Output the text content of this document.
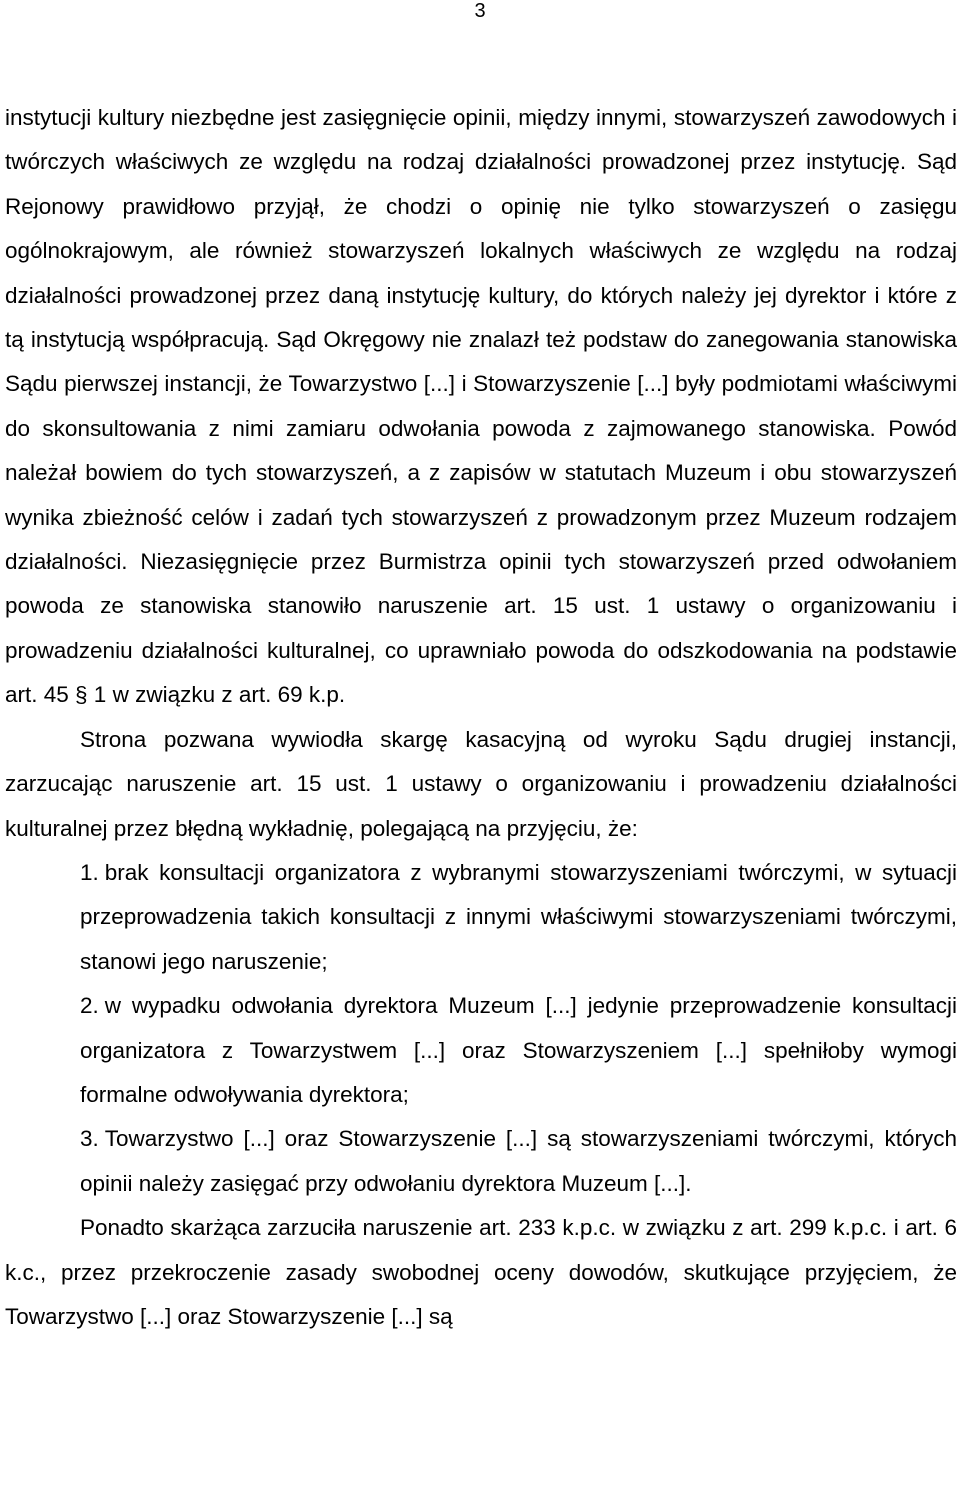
3

instytucji kultury niezbędne jest zasięgnięcie opinii, między innymi, stowarzyszeń zawodowych i twórczych właściwych ze względu na rodzaj działalności prowadzonej przez instytucję. Sąd Rejonowy prawidłowo przyjął, że chodzi o opinię nie tylko stowarzyszeń o zasięgu ogólnokrajowym, ale również stowarzyszeń lokalnych właściwych ze względu na rodzaj działalności prowadzonej przez daną instytucję kultury, do których należy jej dyrektor i które z tą instytucją współpracują. Sąd Okręgowy nie znalazł też podstaw do zanegowania stanowiska Sądu pierwszej instancji, że Towarzystwo [...] i Stowarzyszenie [...] były podmiotami właściwymi do skonsultowania z nimi zamiaru odwołania powoda z zajmowanego stanowiska. Powód należał bowiem do tych stowarzyszeń, a z zapisów w statutach Muzeum i obu stowarzyszeń wynika zbieżność celów i zadań tych stowarzyszeń z prowadzonym przez Muzeum rodzajem działalności. Niezasięgnięcie przez Burmistrza opinii tych stowarzyszeń przed odwołaniem powoda ze stanowiska stanowiło naruszenie art. 15 ust. 1 ustawy o organizowaniu i prowadzeniu działalności kulturalnej, co uprawniało powoda do odszkodowania na podstawie art. 45 § 1 w związku z art. 69 k.p.

Strona pozwana wywiodła skargę kasacyjną od wyroku Sądu drugiej instancji, zarzucając naruszenie art. 15 ust. 1 ustawy o organizowaniu i prowadzeniu działalności kulturalnej przez błędną wykładnię, polegającą na przyjęciu, że:

1. brak konsultacji organizatora z wybranymi stowarzyszeniami twórczymi, w sytuacji przeprowadzenia takich konsultacji z innymi właściwymi stowarzyszeniami twórczymi, stanowi jego naruszenie;
2. w wypadku odwołania dyrektora Muzeum [...] jedynie przeprowadzenie konsultacji organizatora z Towarzystwem [...] oraz Stowarzyszeniem [...] spełniłoby wymogi formalne odwoływania dyrektora;
3. Towarzystwo [...] oraz Stowarzyszenie [...] są stowarzyszeniami twórczymi, których opinii należy zasięgać przy odwołaniu dyrektora Muzeum [...].

Ponadto skarżąca zarzuciła naruszenie art. 233 k.p.c. w związku z art. 299 k.p.c. i art. 6 k.c., przez przekroczenie zasady swobodnej oceny dowodów, skutkujące przyjęciem, że Towarzystwo [...] oraz Stowarzyszenie [...] są
